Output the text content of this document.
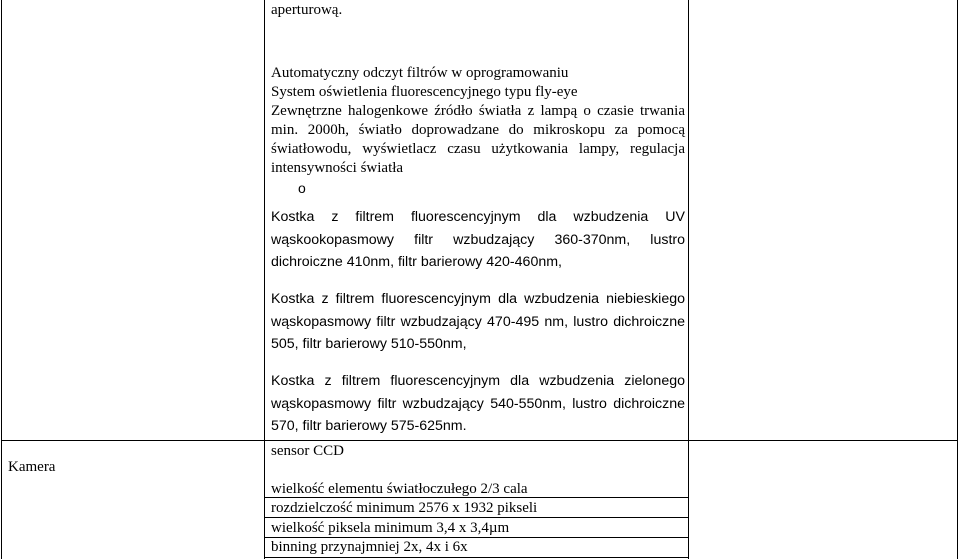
aperturową.
Automatyczny odczyt filtrów w oprogramowaniu
System oświetlenia fluorescencyjnego typu fly-eye
Zewnętrzne halogenkowe źródło światła z lampą o czasie trwania min. 2000h, światło doprowadzane do mikroskopu za pomocą światłowodu, wyświetlacz czasu użytkowania lampy, regulacja intensywności światła
o
Kostka z filtrem fluorescencyjnym dla wzbudzenia UV wąskookopasmowy filtr wzbudzający 360-370nm, lustro dichroiczne 410nm, filtr barierowy 420-460nm,
Kostka z filtrem fluorescencyjnym dla wzbudzenia niebieskiego wąskopasmowy filtr wzbudzający 470-495 nm, lustro dichroiczne 505, filtr barierowy 510-550nm,
Kostka z filtrem fluorescencyjnym dla wzbudzenia zielonego wąskopasmowy filtr wzbudzający 540-550nm, lustro dichroiczne 570, filtr barierowy 575-625nm.
Kamera
sensor CCD
wielkość elementu światłoczułego 2/3 cala
rozdzielczość minimum 2576 x 1932 pikseli
wielkość piksela minimum 3,4 x 3,4µm
binning przynajmniej 2x, 4x i 6x
